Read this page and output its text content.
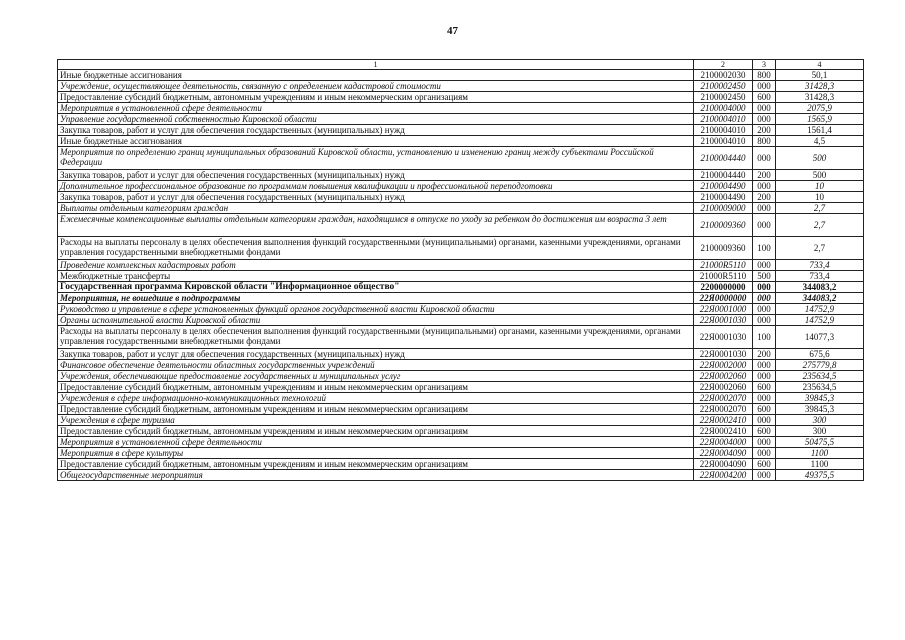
47
1	2	3	4
Иные бюджетные ассигнования	2100002030	800	50,1
Учреждение, осуществляющее деятельность, связанную с определением кадастровой стоимости	2100002450	000	31428,3
Предоставление субсидий бюджетным, автономным учреждениям и иным некоммерческим организациям	2100002450	600	31428,3
Мероприятия в установленной сфере деятельности	2100004000	000	2075,9
Управление государственной собственностью Кировской области	2100004010	000	1565,9
Закупка товаров, работ и услуг для обеспечения государственных (муниципальных) нужд	2100004010	200	1561,4
Иные бюджетные ассигнования	2100004010	800	4,5
Мероприятия по определению границ муниципальных образований Кировской области, установлению и изменению границ между субъектами Российской Федерации	2100004440	000	500
Закупка товаров, работ и услуг для обеспечения государственных (муниципальных) нужд	2100004440	200	500
Дополнительное профессиональное образование по программам повышения квалификации и профессиональной переподготовки	2100004490	000	10
Закупка товаров, работ и услуг для обеспечения государственных (муниципальных) нужд	2100004490	200	10
Выплаты отдельным категориям граждан	2100009000	000	2,7
Ежемесячные компенсационные выплаты отдельным категориям граждан, находящимся в отпуске по уходу за ребенком до достижения им возраста 3 лет	2100009360	000	2,7
Расходы на выплаты персоналу в целях обеспечения выполнения функций государственными (муниципальными) органами, казенными учреждениями, органами управления государственными внебюджетными фондами	2100009360	100	2,7
Проведение комплексных кадастровых работ	21000R5110	000	733,4
Межбюджетные трансферты	21000R5110	500	733,4
Государственная программа Кировской области "Информационное общество"	2200000000	000	344083,2
Мероприятия, не вошедшие в подпрограммы	22Я0000000	000	344083,2
Руководство и управление в сфере установленных функций органов государственной власти Кировской области	22Я0001000	000	14752,9
Органы исполнительной власти Кировской области	22Я0001030	000	14752,9
Расходы на выплаты персоналу в целях обеспечения выполнения функций государственными (муниципальными) органами, казенными учреждениями, органами управления государственными внебюджетными фондами	22Я0001030	100	14077,3
Закупка товаров, работ и услуг для обеспечения государственных (муниципальных) нужд	22Я0001030	200	675,6
Финансовое обеспечение деятельности областных государственных учреждений	22Я0002000	000	275779,8
Учреждения, обеспечивающие предоставление государственных и муниципальных услуг	22Я0002060	000	235634,5
Предоставление субсидий бюджетным, автономным учреждениям и иным некоммерческим организациям	22Я0002060	600	235634,5
Учреждения в сфере информационно-коммуникационных технологий	22Я0002070	000	39845,3
Предоставление субсидий бюджетным, автономным учреждениям и иным некоммерческим организациям	22Я0002070	600	39845,3
Учреждения в сфере туризма	22Я0002410	000	300
Предоставление субсидий бюджетным, автономным учреждениям и иным некоммерческим организациям	22Я0002410	600	300
Мероприятия в установленной сфере деятельности	22Я0004000	000	50475,5
Мероприятия в сфере культуры	22Я0004090	000	1100
Предоставление субсидий бюджетным, автономным учреждениям и иным некоммерческим организациям	22Я0004090	600	1100
Общегосударственные мероприятия	22Я0004200	000	49375,5
